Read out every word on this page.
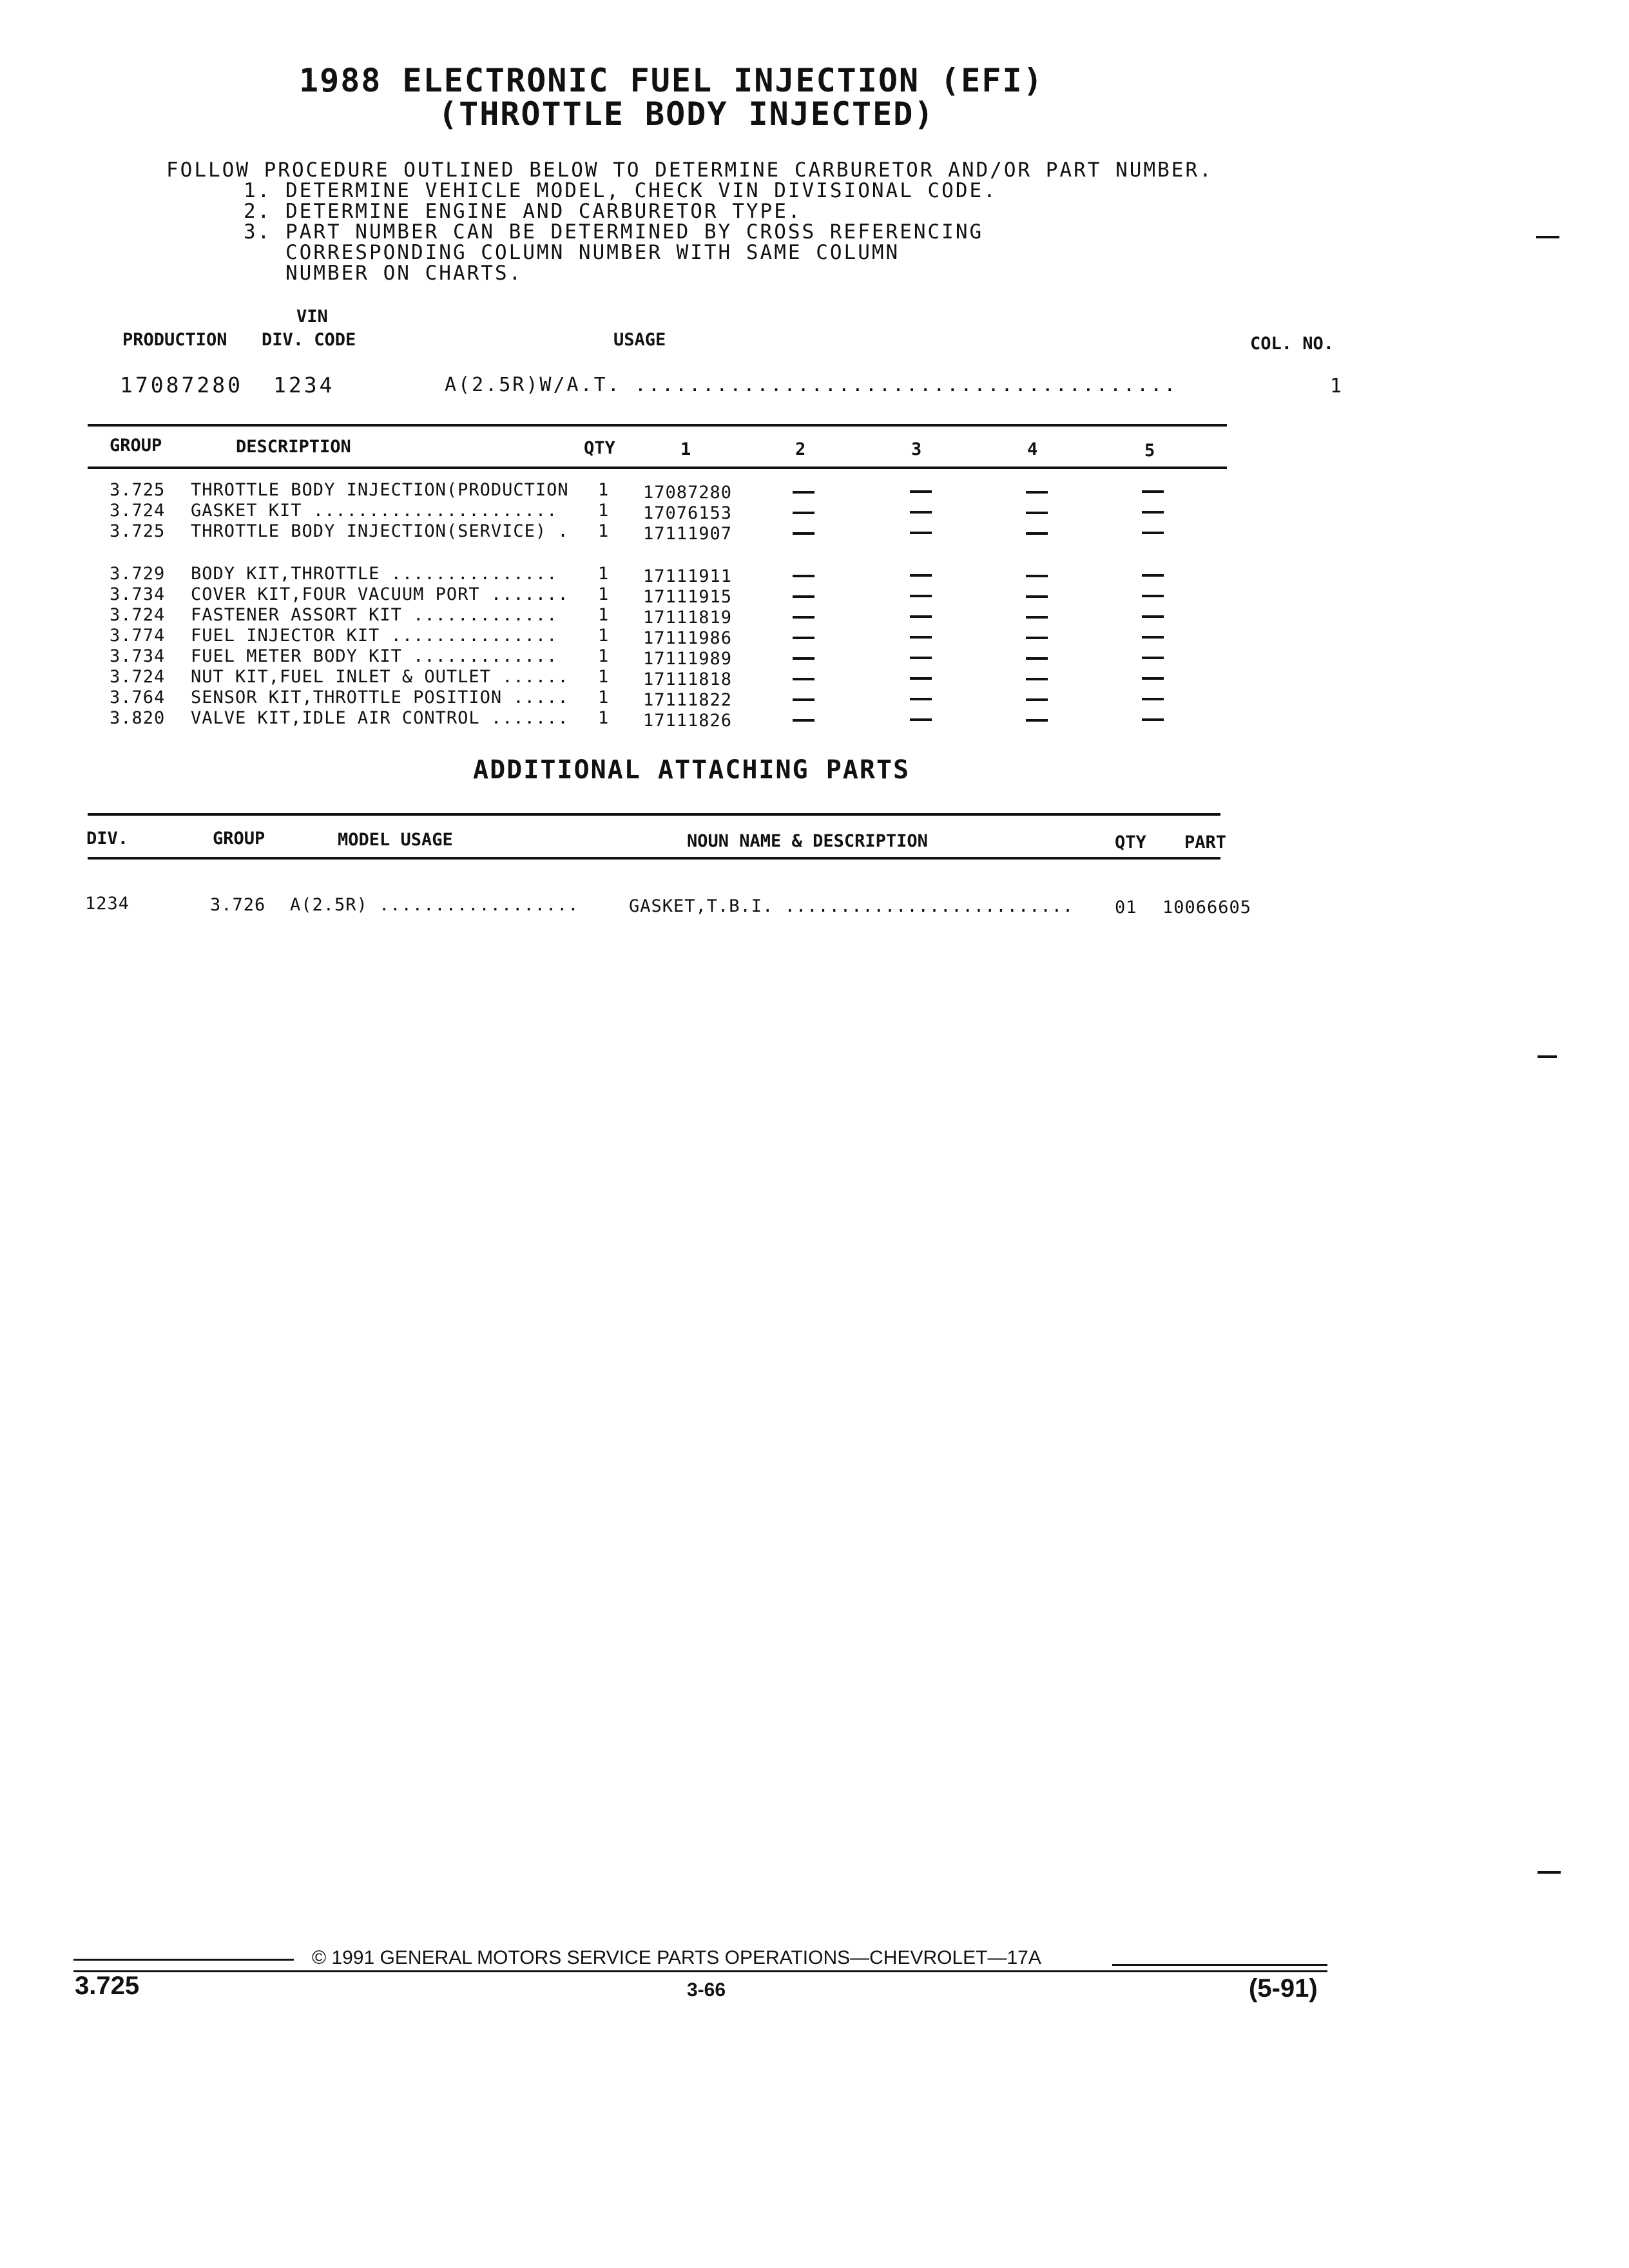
1988 ELECTRONIC FUEL INJECTION (EFI)
(THROTTLE BODY INJECTED)
FOLLOW PROCEDURE OUTLINED BELOW TO DETERMINE CARBURETOR AND/OR PART NUMBER.
1. DETERMINE VEHICLE MODEL, CHECK VIN DIVISIONAL CODE.
2. DETERMINE ENGINE AND CARBURETOR TYPE.
3. PART NUMBER CAN BE DETERMINED BY CROSS REFERENCING
CORRESPONDING COLUMN NUMBER WITH SAME COLUMN
NUMBER ON CHARTS.
VIN
PRODUCTION DIV. CODE	USAGE	COL. NO.
17087280 1234	A(2.5R)W/A.T. ........................................	1
GROUP	DESCRIPTION	QTY	1	2	3	4	5
3.725 THROTTLE BODY INJECTION(PRODUCTION 1 17087280
3.724 GASKET KIT ...................... 1 17076153
3.725 THROTTLE BODY INJECTION(SERVICE) . 1 17111907
3.729 BODY KIT,THROTTLE ............... 1 17111911
3.734 COVER KIT,FOUR VACUUM PORT ....... 1 17111915
3.724 FASTENER ASSORT KIT ............. 1 17111819
3.774 FUEL INJECTOR KIT ............... 1 17111986
3.734 FUEL METER BODY KIT ............. 1 17111989
3.724 NUT KIT,FUEL INLET & OUTLET ...... 1 17111818
3.764 SENSOR KIT,THROTTLE POSITION ..... 1 17111822
3.820 VALVE KIT,IDLE AIR CONTROL ....... 1 17111826
ADDITIONAL ATTACHING PARTS
DIV.	GROUP	MODEL USAGE	NOUN NAME & DESCRIPTION	QTY PART
1234	3.726 A(2.5R) ..................	GASKET,T.B.I. .......................... 01 10066605
© 1991 GENERAL MOTORS SERVICE PARTS OPERATIONS—CHEVROLET—17A
3.725	3-66	(5-91)
